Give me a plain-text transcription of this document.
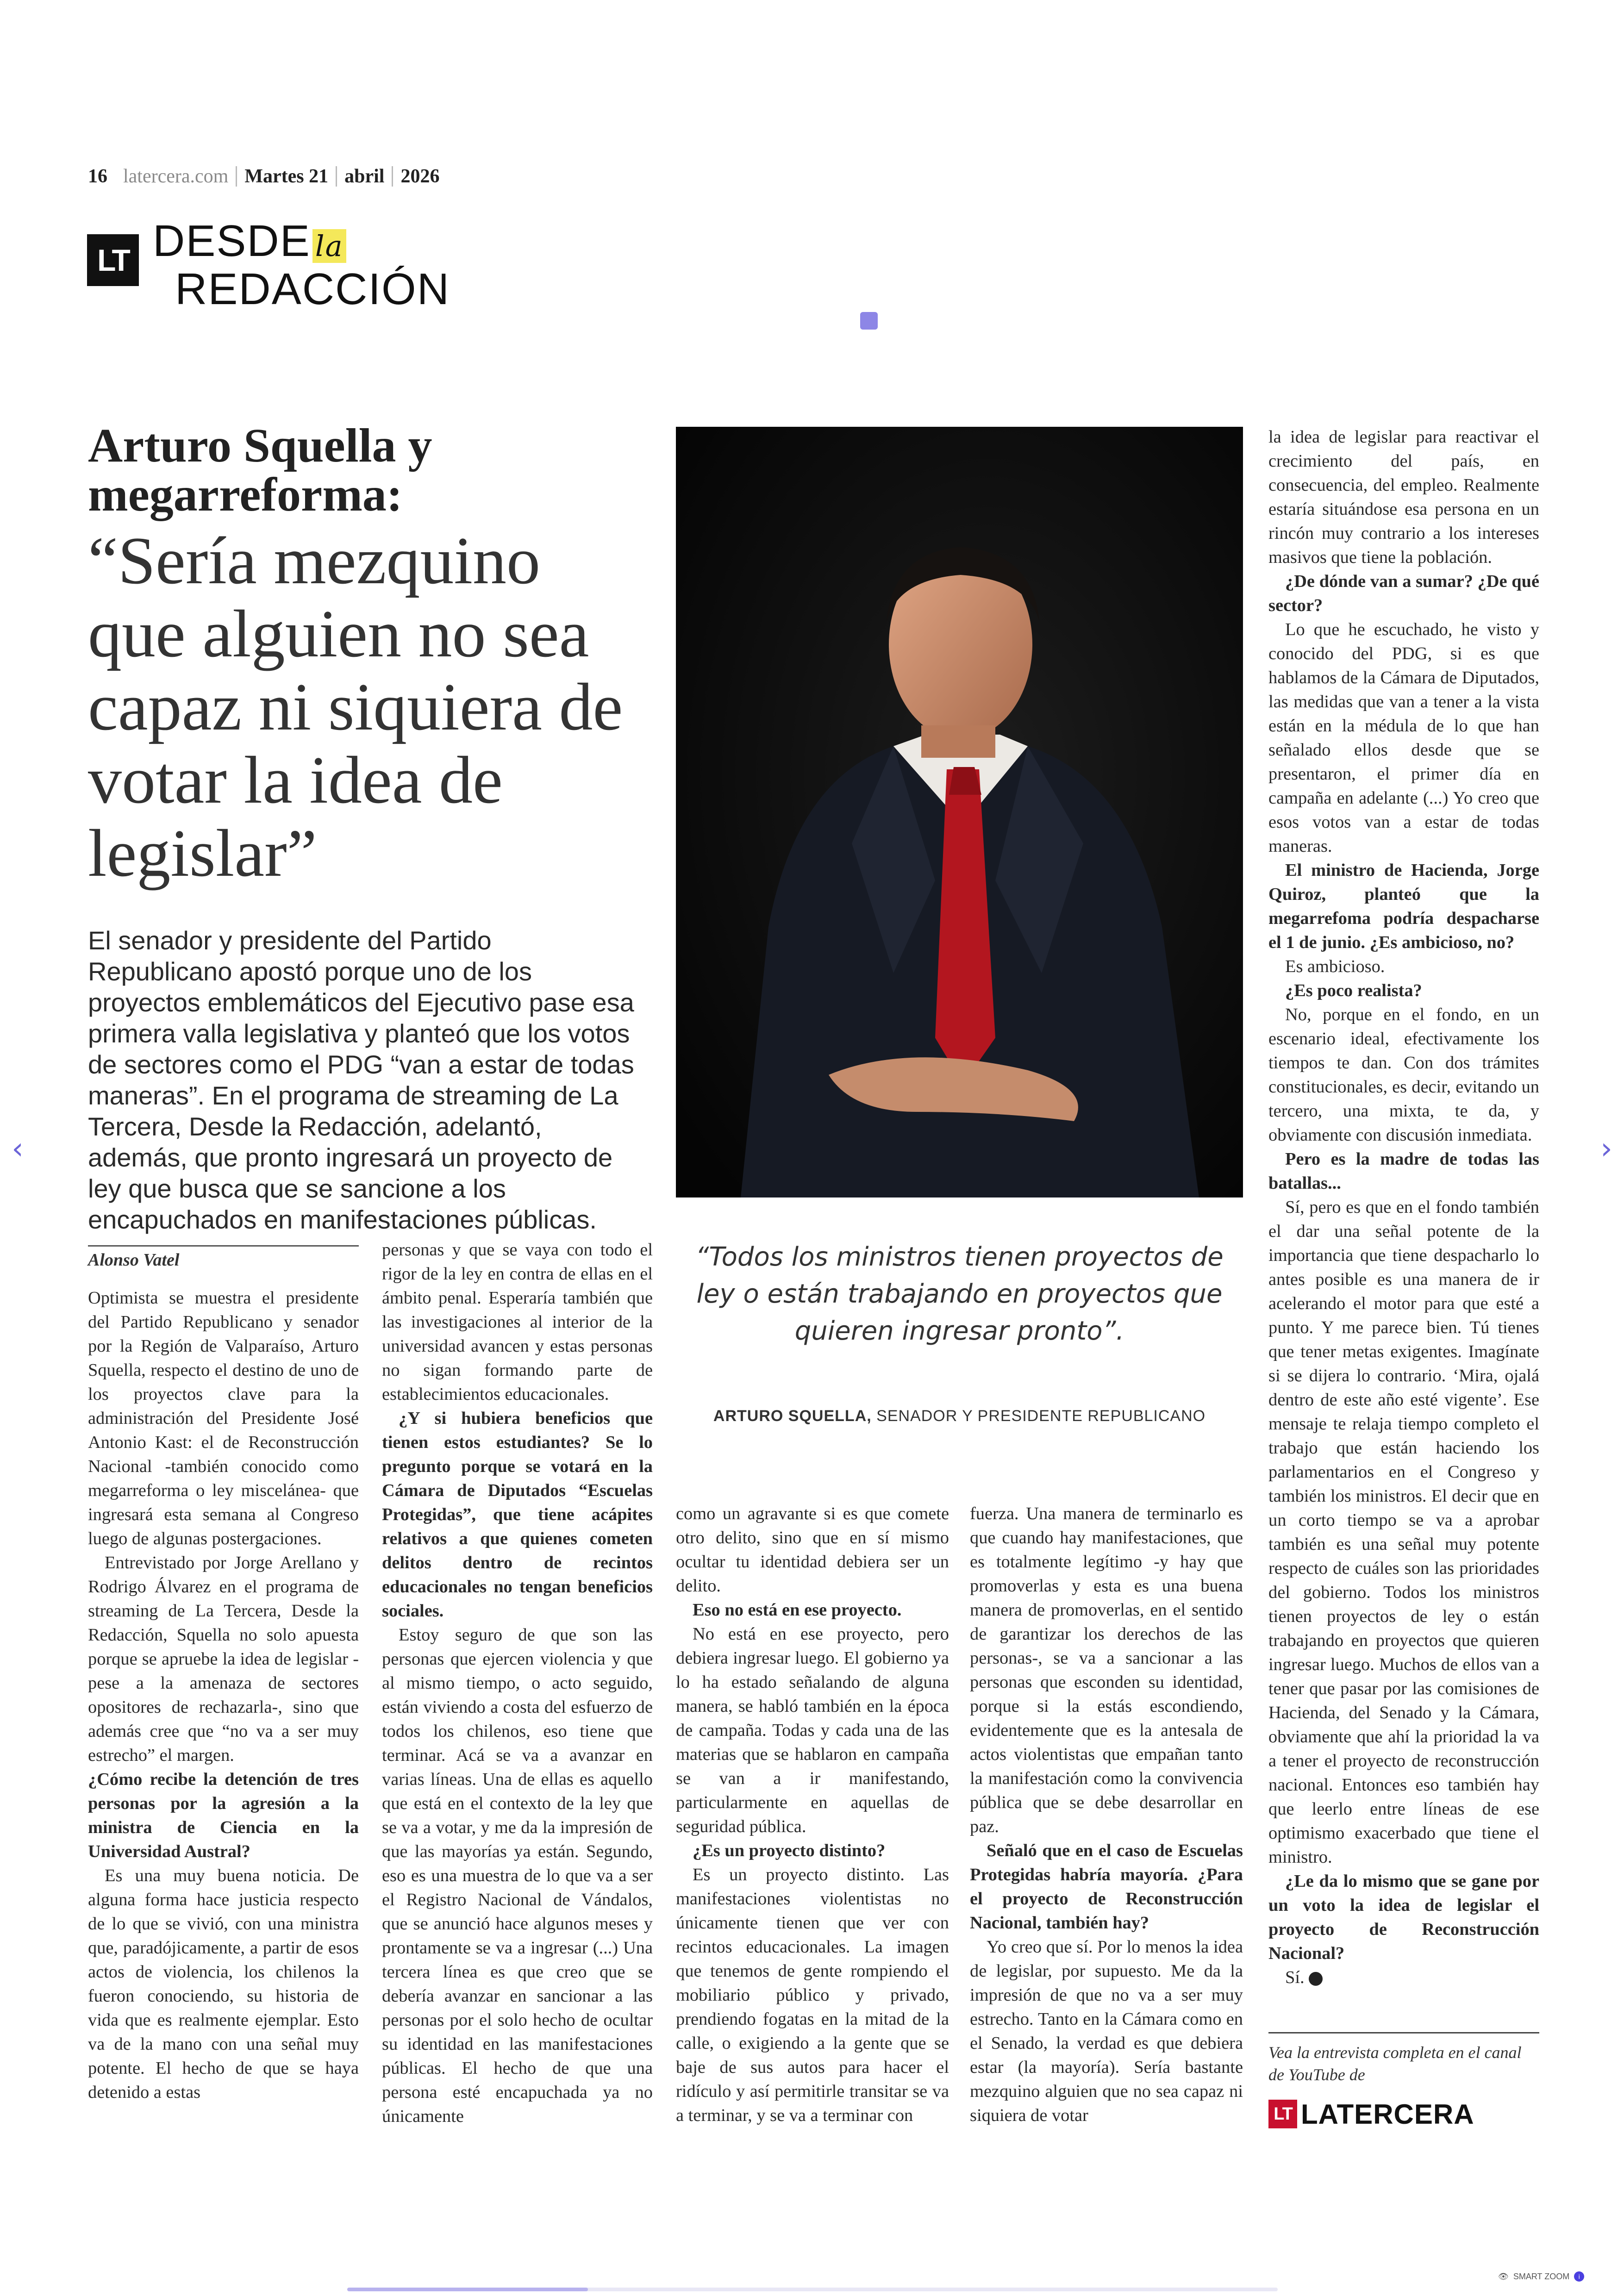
16 latercera.com Martes 21 abril 2026
LT DESDE la
REDACCIÓN
Arturo Squella y megarreforma:
“Sería mezquino que alguien no sea capaz ni siquiera de votar la idea de legislar”
El senador y presidente del Partido Republicano apostó porque uno de los proyectos emblemáticos del Ejecutivo pase esa primera valla legislativa y planteó que los votos de sectores como el PDG “van a estar de todas maneras”. En el programa de streaming de La Tercera, Desde la Redacción, adelantó, además, que pronto ingresará un proyecto de ley que busca que se sancione a los encapuchados en manifestaciones públicas.
Alonso Vatel

Optimista se muestra el presidente del Partido Republicano y senador por la Región de Valparaíso, Arturo Squella, respecto el destino de uno de los proyectos clave para la administración del Presidente José Antonio Kast: el de Reconstrucción Nacional -también conocido como megarreforma o ley miscelánea- que ingresará esta semana al Congreso luego de algunas postergaciones.

Entrevistado por Jorge Arellano y Rodrigo Álvarez en el programa de streaming de La Tercera, Desde la Redacción, Squella no solo apuesta porque se apruebe la idea de legislar -pese a la amenaza de sectores opositores de rechazarla-, sino que además cree que “no va a ser muy estrecho” el margen.

¿Cómo recibe la detención de tres personas por la agresión a la ministra de Ciencia en la Universidad Austral?

Es una muy buena noticia. De alguna forma hace justicia respecto de lo que se vivió, con una ministra que, paradójicamente, a partir de esos actos de violencia, los chilenos la fueron conociendo, su historia de vida que es realmente ejemplar. Esto va de la mano con una señal muy potente. El hecho de que se haya detenido a estas

personas y que se vaya con todo el rigor de la ley en contra de ellas en el ámbito penal. Esperaría también que las investigaciones al interior de la universidad avancen y estas personas no sigan formando parte de establecimientos educacionales.

¿Y si hubiera beneficios que tienen estos estudiantes? Se lo pregunto porque se votará en la Cámara de Diputados “Escuelas Protegidas”, que tiene acápites relativos a que quienes cometen delitos dentro de recintos educacionales no tengan beneficios sociales.

Estoy seguro de que son las personas que ejercen violencia y que al mismo tiempo, o acto seguido, están viviendo a costa del esfuerzo de todos los chilenos, eso tiene que terminar. Acá se va a avanzar en varias líneas. Una de ellas es aquello que está en el contexto de la ley que se va a votar, y me da la impresión de que las mayorías ya están. Segundo, eso es una muestra de lo que va a ser el Registro Nacional de Vándalos, que se anunció hace algunos meses y prontamente se va a ingresar (...) Una tercera línea es que creo que se debería avanzar en sancionar a las personas por el solo hecho de ocultar su identidad en las manifestaciones públicas. El hecho de que una persona esté encapuchada ya no únicamente

“Todos los ministros tienen proyectos de ley o están trabajando en proyectos que quieren ingresar pronto”.
ARTURO SQUELLA, SENADOR Y PRESIDENTE REPUBLICANO

como un agravante si es que comete otro delito, sino que en sí mismo ocultar tu identidad debiera ser un delito.

Eso no está en ese proyecto.

No está en ese proyecto, pero debiera ingresar luego. El gobierno ya lo ha estado señalando de alguna manera, se habló también en la época de campaña. Todas y cada una de las materias que se hablaron en campaña se van a ir manifestando, particularmente en aquellas de seguridad pública.

¿Es un proyecto distinto?

Es un proyecto distinto. Las manifestaciones violentistas no únicamente tienen que ver con recintos educacionales. La imagen que tenemos de gente rompiendo el mobiliario público y privado, prendiendo fogatas en la mitad de la calle, o exigiendo a la gente que se baje de sus autos para hacer el ridículo y así permitirle transitar se va a terminar, y se va a terminar con

fuerza. Una manera de terminarlo es que cuando hay manifestaciones, que es totalmente legítimo -y hay que promoverlas y esta es una buena manera de promoverlas, en el sentido de garantizar los derechos de las personas-, se va a sancionar a las personas que esconden su identidad, porque si la estás escondiendo, evidentemente que es la antesala de actos violentistas que empañan tanto la manifestación como la convivencia pública que se debe desarrollar en paz.

Señaló que en el caso de Escuelas Protegidas habría mayoría. ¿Para el proyecto de Reconstrucción Nacional, también hay?

Yo creo que sí. Por lo menos la idea de legislar, por supuesto. Me da la impresión de que no va a ser muy estrecho. Tanto en la Cámara como en el Senado, la verdad es que debiera estar (la mayoría). Sería bastante mezquino alguien que no sea capaz ni siquiera de votar

la idea de legislar para reactivar el crecimiento del país, en consecuencia, del empleo. Realmente estaría situándose esa persona en un rincón muy contrario a los intereses masivos que tiene la población.

¿De dónde van a sumar? ¿De qué sector?

Lo que he escuchado, he visto y conocido del PDG, si es que hablamos de la Cámara de Diputados, las medidas que van a tener a la vista están en la médula de lo que han señalado ellos desde que se presentaron, el primer día en campaña en adelante (...) Yo creo que esos votos van a estar de todas maneras.

El ministro de Hacienda, Jorge Quiroz, planteó que la megarrefoma podría despacharse el 1 de junio. ¿Es ambicioso, no?

Es ambicioso.

¿Es poco realista?

No, porque en el fondo, en un escenario ideal, efectivamente los tiempos te dan. Con dos trámites constitucionales, es decir, evitando un tercero, una mixta, te da, y obviamente con discusión inmediata.

Pero es la madre de todas las batallas...

Sí, pero es que en el fondo también el dar una señal potente de la importancia que tiene despacharlo lo antes posible es una manera de ir acelerando el motor para que esté a punto. Y me parece bien. Tú tienes que tener metas exigentes. Imagínate si se dijera lo contrario. ‘Mira, ojalá dentro de este año esté vigente’. Ese mensaje te relaja tiempo completo el trabajo que están haciendo los parlamentarios en el Congreso y también los ministros. El decir que en un corto tiempo se va a aprobar también es una señal muy potente respecto de cuáles son las prioridades del gobierno. Todos los ministros tienen proyectos de ley o están trabajando en proyectos que quieren ingresar luego. Muchos de ellos van a tener que pasar por las comisiones de Hacienda, del Senado y la Cámara, obviamente que ahí la prioridad la va a tener el proyecto de reconstrucción nacional. Entonces eso también hay que leerlo entre líneas de ese optimismo exacerbado que tiene el ministro.

¿Le da lo mismo que se gane por un voto la idea de legislar el proyecto de Reconstrucción Nacional?

Sí.

Vea la entrevista completa en el canal de YouTube de
LT LATERCERA
‹	›
👁 SMART ZOOM	i
